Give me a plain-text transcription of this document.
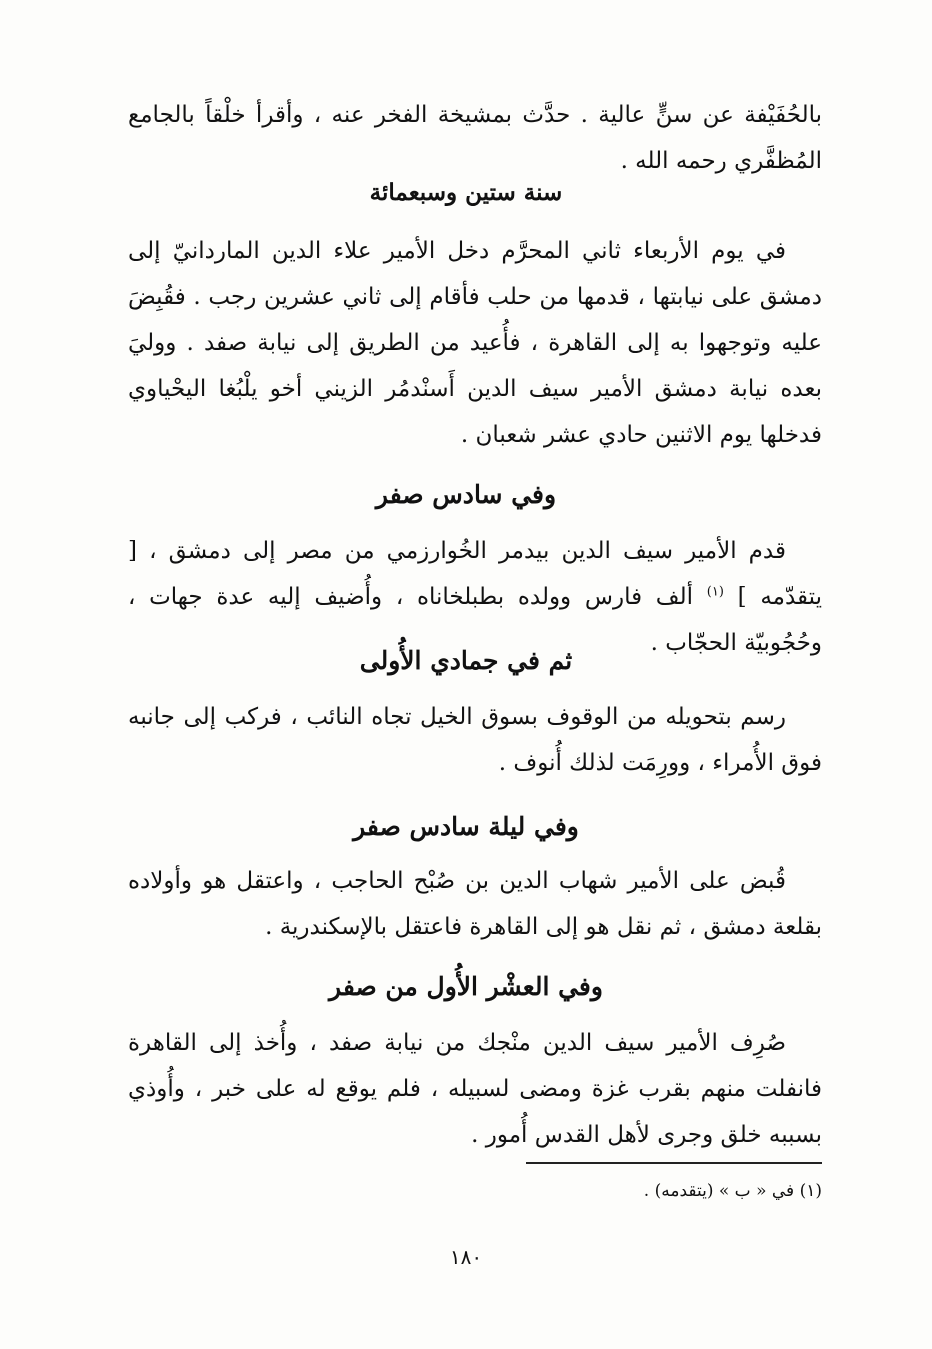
بالحُفَيْفة عن سنٍّ عالية . حدَّث بمشيخة الفخر عنه ، وأقرأ خلْقاً بالجامع المُظفَّري رحمه الله .

سنة ستين وسبعمائة

في يوم الأربعاء ثاني المحرَّم دخل الأمير علاء الدين الماردانيّ إلى دمشق على نيابتها ، قدمها من حلب فأقام إلى ثاني عشرين رجب . فقُبِضَ عليه وتوجهوا به إلى القاهرة ، فأُعيد من الطريق إلى نيابة صفد . ووليَ بعده نيابة دمشق الأمير سيف الدين أَسنْدمُر الزيني أخو يلْبُغا اليحْياوي فدخلها يوم الاثنين حادي عشر شعبان .

وفي سادس صفر

قدم الأمير سيف الدين بيدمر الخُوارزمي من مصر إلى دمشق ، [ يتقدّمه ] $^{(١)}$ ألف فارس وولده بطبلخاناه ، وأُضيف إليه عدة جهات ، وحُجُوبيّة الحجّاب .

ثم في جمادي الأُولى

رسم بتحويله من الوقوف بسوق الخيل تجاه النائب ، فركب إلى جانبه فوق الأُمراء ، وورِمَت لذلك أُنوف .

وفي ليلة سادس صفر

قُبض على الأمير شهاب الدين بن صُبْح الحاجب ، واعتقل هو وأولاده بقلعة دمشق ، ثم نقل هو إلى القاهرة فاعتقل بالإسكندرية .

وفي العشْر الأُول من صفر

صُرِف الأمير سيف الدين منْجك من نيابة صفد ، وأُخذ إلى القاهرة فانفلت منهم بقرب غزة ومضى لسبيله ، فلم يوقع له على خبر ، وأُوذي بسببه خلق وجرى لأهل القدس أُمور .

(١) في « ب » (يتقدمه) .

١٨٠
